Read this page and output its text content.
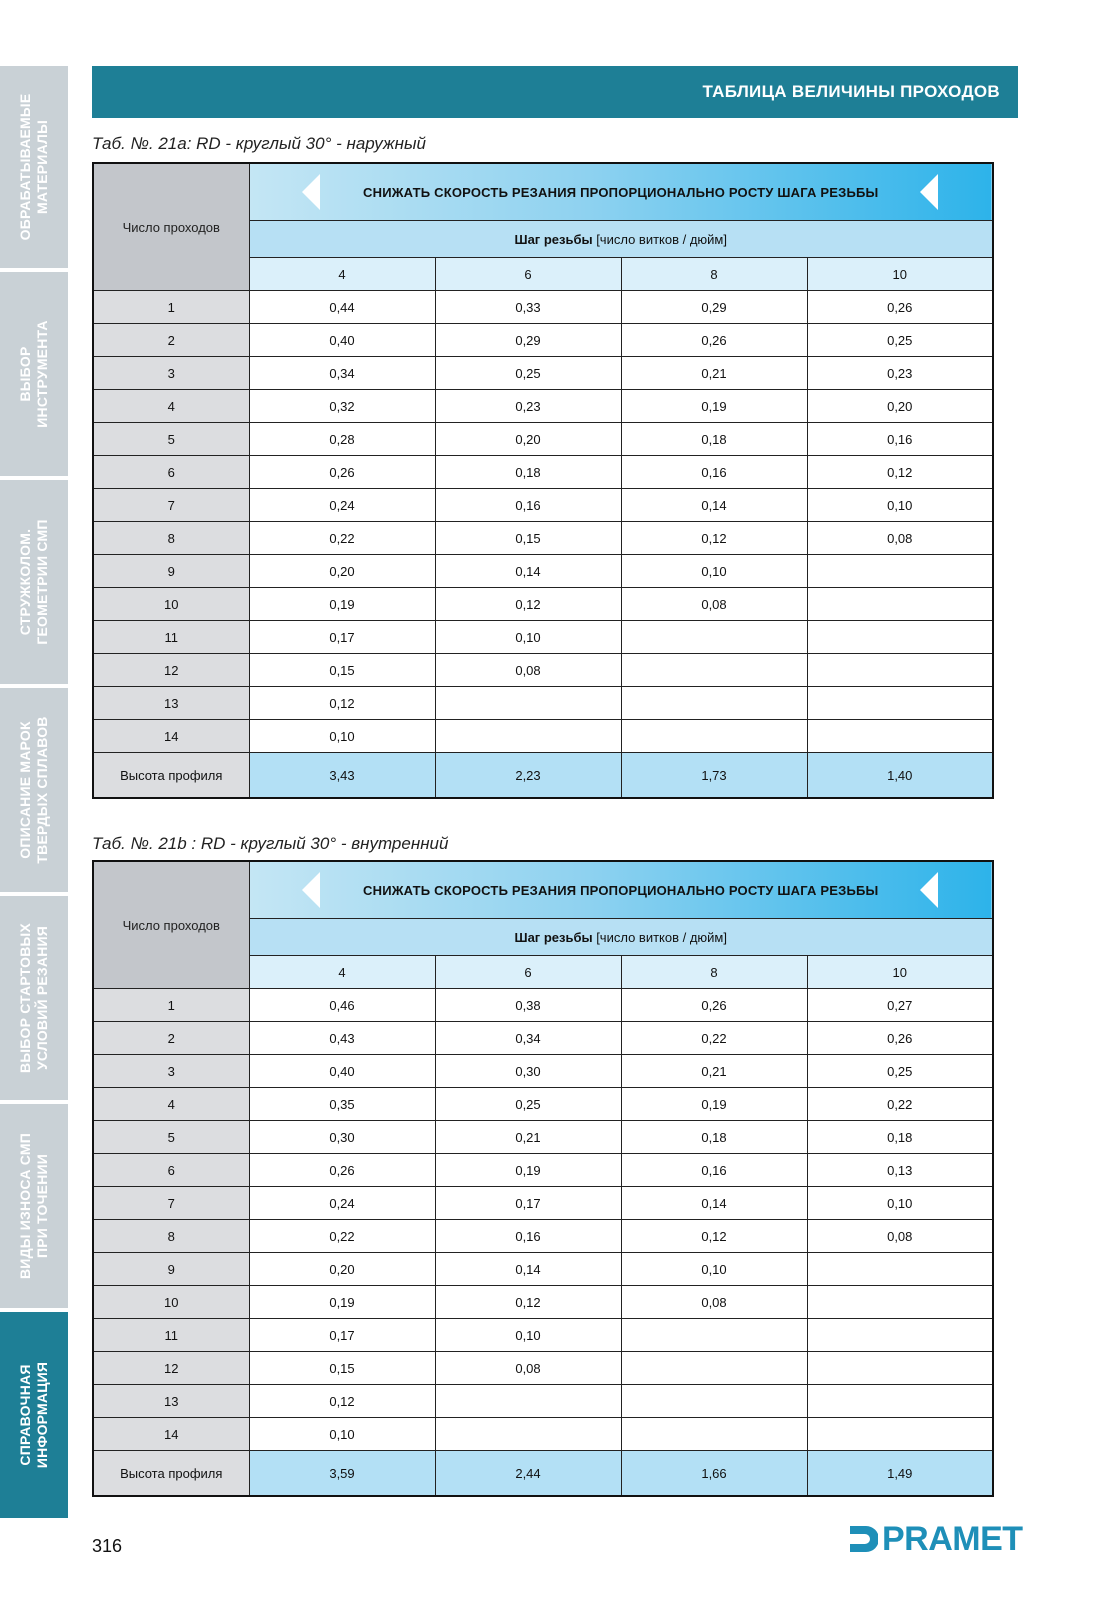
ОБРАБАТЫВАЕМЫЕ
МАТЕРИАЛЫ
ВЫБОР
ИНСТРУМЕНТА
СТРУЖКОЛОМ.
ГЕОМЕТРИИ СМП
ОПИСАНИЕ МАРОК
ТВЕРДЫХ СПЛАВОВ
ВЫБОР СТАРТОВЫХ
УСЛОВИЙ РЕЗАНИЯ
ВИДЫ ИЗНОСА СМП
ПРИ ТОЧЕНИИ
СПРАВОЧНАЯ
ИНФОРМАЦИЯ
ТАБЛИЦА ВЕЛИЧИНЫ ПРОХОДОВ
Таб. №. 21a: RD - круглый 30° - наружный
Число проходов	СНИЖАТЬ СКОРОСТЬ РЕЗАНИЯ ПРОПОРЦИОНАЛЬНО РОСТУ ШАГА РЕЗЬБЫ			

	Шаг резьбы [число витков / дюйм]			
	4	6	8	10
1	0,44	0,33	0,29	0,26
2	0,40	0,29	0,26	0,25
3	0,34	0,25	0,21	0,23
4	0,32	0,23	0,19	0,20
5	0,28	0,20	0,18	0,16
6	0,26	0,18	0,16	0,12
7	0,24	0,16	0,14	0,10
8	0,22	0,15	0,12	0,08
9	0,20	0,14	0,10	
10	0,19	0,12	0,08	
11	0,17	0,10		
12	0,15	0,08		
13	0,12			
14	0,10			
Высота профиля	3,43	2,23	1,73	1,40
Таб. №. 21b : RD - круглый 30° - внутренний
Число проходов	СНИЖАТЬ СКОРОСТЬ РЕЗАНИЯ ПРОПОРЦИОНАЛЬНО РОСТУ ШАГА РЕЗЬБЫ			

	Шаг резьбы [число витков / дюйм]			
	4	6	8	10
1	0,46	0,38	0,26	0,27
2	0,43	0,34	0,22	0,26
3	0,40	0,30	0,21	0,25
4	0,35	0,25	0,19	0,22
5	0,30	0,21	0,18	0,18
6	0,26	0,19	0,16	0,13
7	0,24	0,17	0,14	0,10
8	0,22	0,16	0,12	0,08
9	0,20	0,14	0,10	
10	0,19	0,12	0,08	
11	0,17	0,10		
12	0,15	0,08		
13	0,12			
14	0,10			
Высота профиля	3,59	2,44	1,66	1,49
316	PRAMET
